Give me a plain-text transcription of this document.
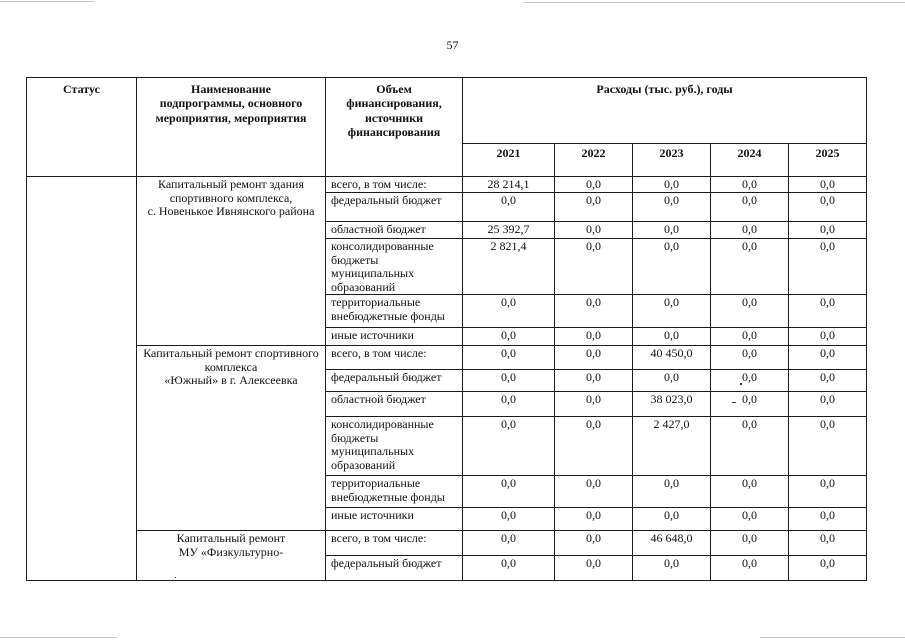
57
Статус	Наименование
подпрограммы, основного
мероприятия, мероприятия	Объем
финансирования,
источники
финансирования	Расходы (тыс. руб.), годы				
			2021	2022	2023	2024	2025
	Капитальный ремонт здания
спортивного комплекса,
с. Новенькое Ивнянского района	всего, в том числе:	28 214,1	0,0	0,0	0,0	0,0
		федеральный бюджет	0,0	0,0	0,0	0,0	0,0
		областной бюджет	25 392,7	0,0	0,0	0,0	0,0
		консолидированные
бюджеты
муниципальных
образований	2 821,4	0,0	0,0	0,0	0,0
		территориальные
внебюджетные фонды	0,0	0,0	0,0	0,0	0,0
		иные источники	0,0	0,0	0,0	0,0	0,0
	Капитальный ремонт спортивного
комплекса
«Южный» в г. Алексеевка	всего, в том числе:	0,0	0,0	40 450,0	0,0	0,0
		федеральный бюджет	0,0	0,0	0,0	0,0	0,0
		областной бюджет	0,0	0,0	38 023,0	0,0	0,0
		консолидированные
бюджеты
муниципальных
образований	0,0	0,0	2 427,0	0,0	0,0
		территориальные
внебюджетные фонды	0,0	0,0	0,0	0,0	0,0
		иные источники	0,0	0,0	0,0	0,0	0,0
	Капитальный ремонт
МУ «Физкультурно-	всего, в том числе:	0,0	0,0	46 648,0	0,0	0,0
		федеральный бюджет	0,0	0,0	0,0	0,0	0,0
